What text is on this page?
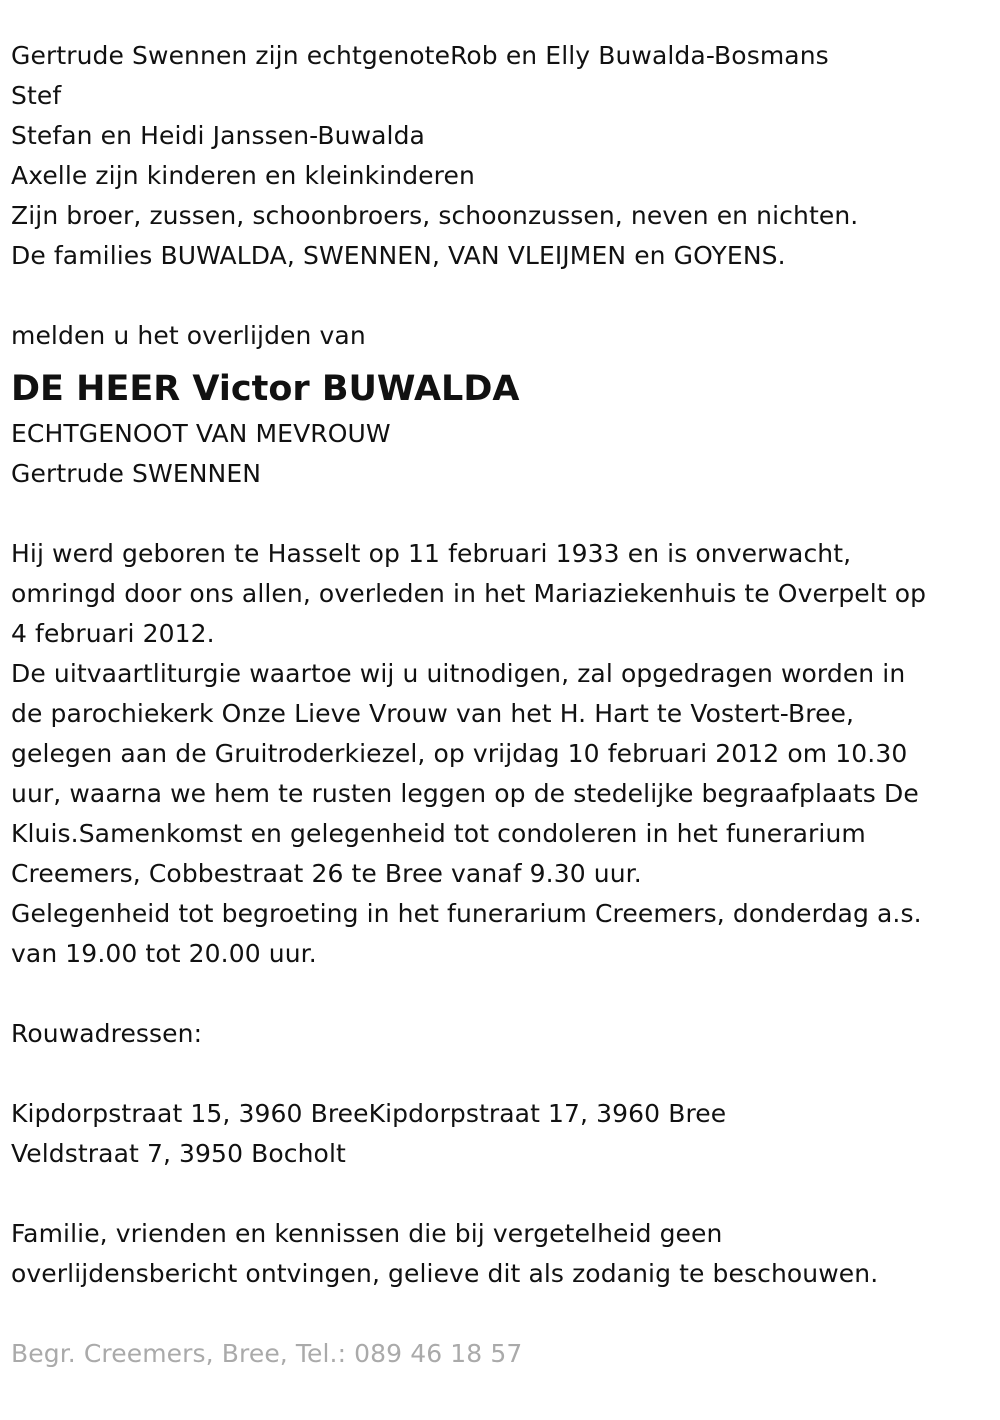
Gertrude Swennen zijn echtgenoteRob en Elly Buwalda-Bosmans
Stef
Stefan en Heidi Janssen-Buwalda
Axelle zijn kinderen en kleinkinderen
Zijn broer, zussen, schoonbroers, schoonzussen, neven en nichten.
De families BUWALDA, SWENNEN, VAN VLEIJMEN en GOYENS.
melden u het overlijden van
DE HEER Victor BUWALDA
ECHTGENOOT VAN MEVROUW
Gertrude SWENNEN
Hij werd geboren te Hasselt op 11 februari 1933 en is onverwacht,
omringd door ons allen, overleden in het Mariaziekenhuis te Overpelt op
4 februari 2012.
De uitvaartliturgie waartoe wij u uitnodigen, zal opgedragen worden in
de parochiekerk Onze Lieve Vrouw van het H. Hart te Vostert-Bree,
gelegen aan de Gruitroderkiezel, op vrijdag 10 februari 2012 om 10.30
uur, waarna we hem te rusten leggen op de stedelijke begraafplaats De
Kluis.Samenkomst en gelegenheid tot condoleren in het funerarium
Creemers, Cobbestraat 26 te Bree vanaf 9.30 uur.
Gelegenheid tot begroeting in het funerarium Creemers, donderdag a.s.
van 19.00 tot 20.00 uur.
Rouwadressen:
Kipdorpstraat 15, 3960 BreeKipdorpstraat 17, 3960 Bree
Veldstraat 7, 3950 Bocholt
Familie, vrienden en kennissen die bij vergetelheid geen
overlijdensbericht ontvingen, gelieve dit als zodanig te beschouwen.
Begr. Creemers, Bree, Tel.: 089 46 18 57
